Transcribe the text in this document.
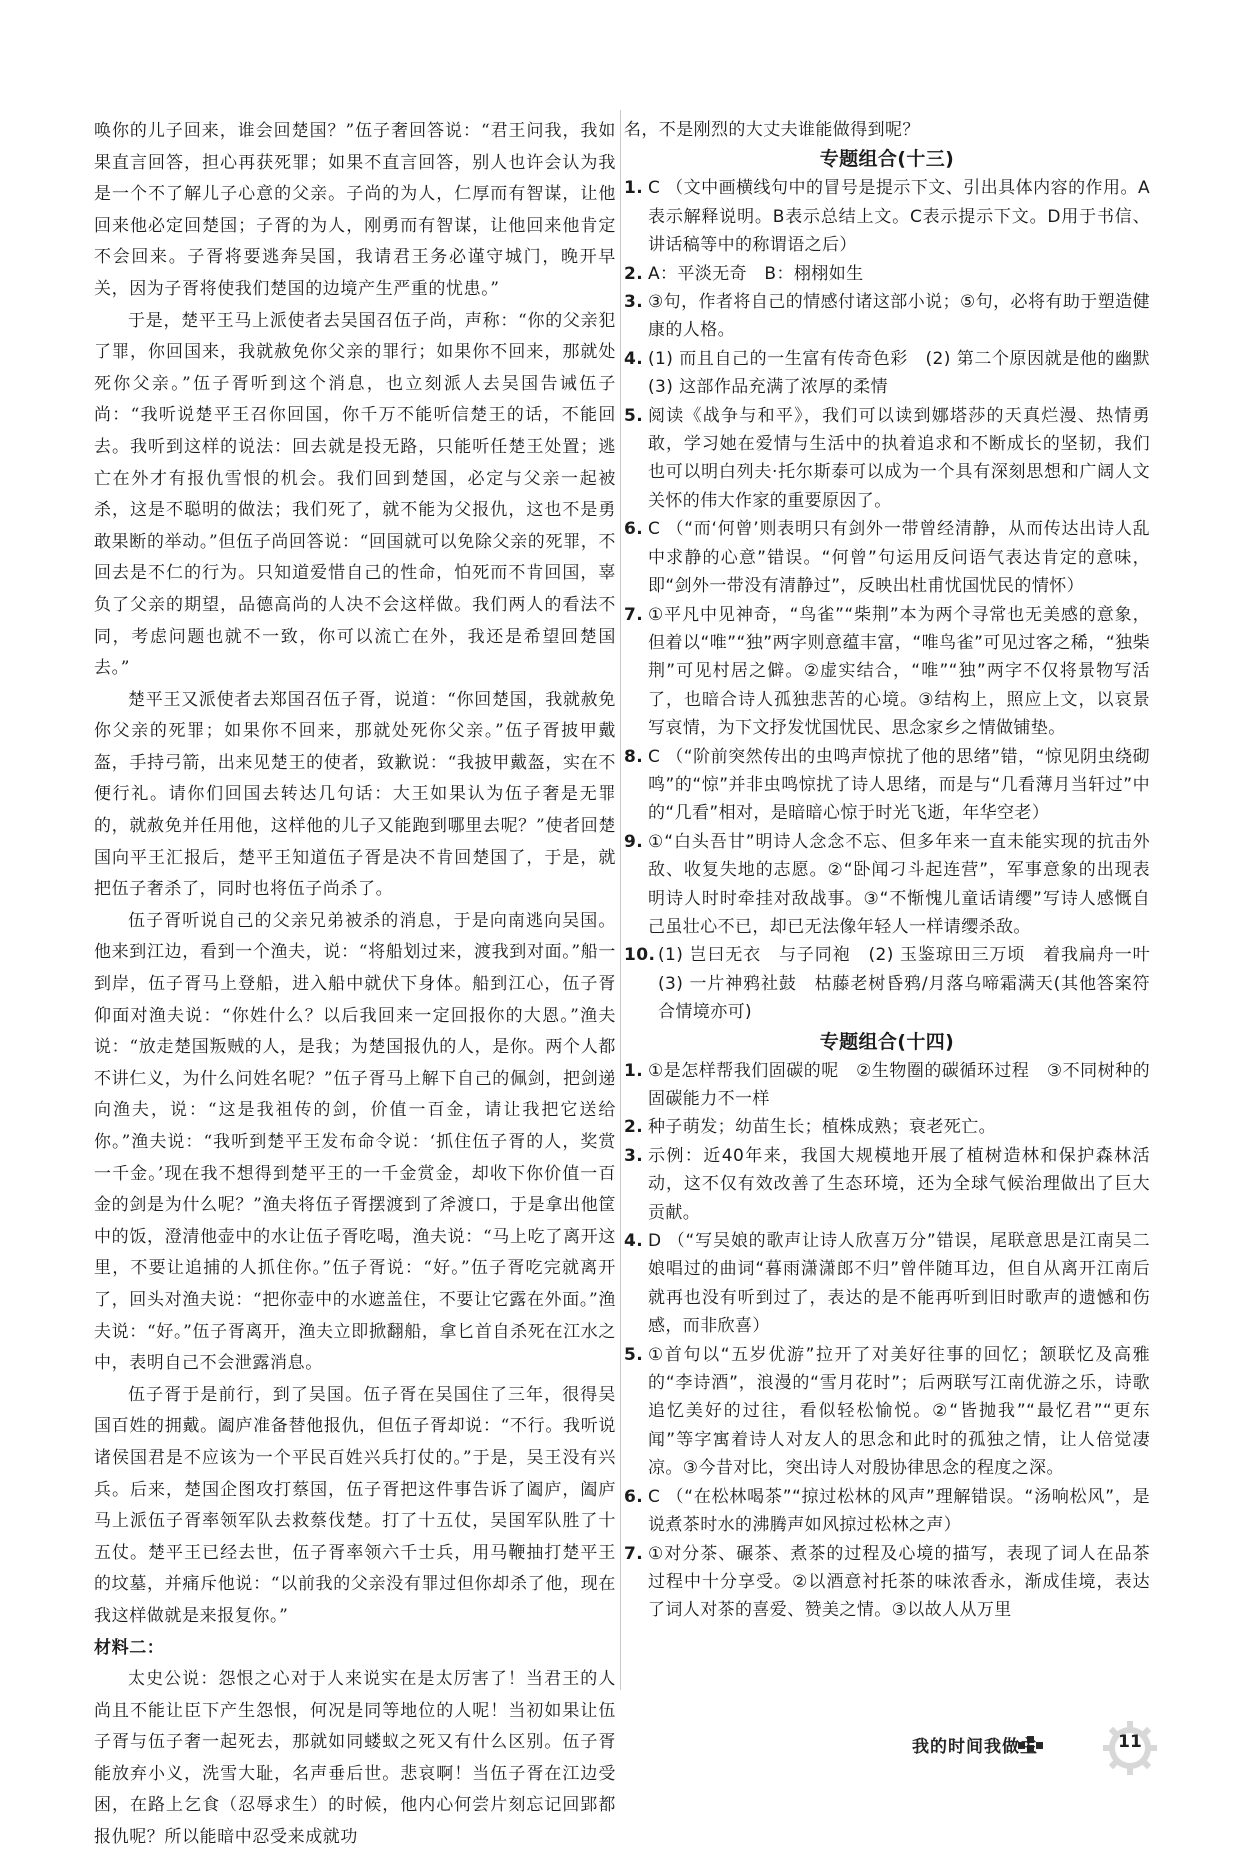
唤你的儿子回来，谁会回楚国？”伍子奢回答说：“君王问我，我如果直言回答，担心再获死罪；如果不直言回答，别人也许会认为我是一个不了解儿子心意的父亲。子尚的为人，仁厚而有智谋，让他回来他必定回楚国；子胥的为人，刚勇而有智谋，让他回来他肯定不会回来。子胥将要逃奔吴国，我请君王务必谨守城门，晚开早关，因为子胥将使我们楚国的边境产生严重的忧患。”

于是，楚平王马上派使者去吴国召伍子尚，声称：“你的父亲犯了罪，你回国来，我就赦免你父亲的罪行；如果你不回来，那就处死你父亲。”伍子胥听到这个消息，也立刻派人去吴国告诫伍子尚：“我听说楚平王召你回国，你千万不能听信楚王的话，不能回去。我听到这样的说法：回去就是投无路，只能听任楚王处置；逃亡在外才有报仇雪恨的机会。我们回到楚国，必定与父亲一起被杀，这是不聪明的做法；我们死了，就不能为父报仇，这也不是勇敢果断的举动。”但伍子尚回答说：“回国就可以免除父亲的死罪，不回去是不仁的行为。只知道爱惜自己的性命，怕死而不肯回国，辜负了父亲的期望，品德高尚的人决不会这样做。我们两人的看法不同，考虑问题也就不一致，你可以流亡在外，我还是希望回楚国去。”

楚平王又派使者去郑国召伍子胥，说道：“你回楚国，我就赦免你父亲的死罪；如果你不回来，那就处死你父亲。”伍子胥披甲戴盔，手持弓箭，出来见楚王的使者，致歉说：“我披甲戴盔，实在不便行礼。请你们回国去转达几句话：大王如果认为伍子奢是无罪的，就赦免并任用他，这样他的儿子又能跑到哪里去呢？”使者回楚国向平王汇报后，楚平王知道伍子胥是决不肯回楚国了，于是，就把伍子奢杀了，同时也将伍子尚杀了。

伍子胥听说自己的父亲兄弟被杀的消息，于是向南逃向吴国。他来到江边，看到一个渔夫，说：“将船划过来，渡我到对面。”船一到岸，伍子胥马上登船，进入船中就伏下身体。船到江心，伍子胥仰面对渔夫说：“你姓什么？以后我回来一定回报你的大恩。”渔夫说：“放走楚国叛贼的人，是我；为楚国报仇的人，是你。两个人都不讲仁义，为什么问姓名呢？”伍子胥马上解下自己的佩剑，把剑递向渔夫，说：“这是我祖传的剑，价值一百金，请让我把它送给你。”渔夫说：“我听到楚平王发布命令说：‘抓住伍子胥的人，奖赏一千金。’现在我不想得到楚平王的一千金赏金，却收下你价值一百金的剑是为什么呢？”渔夫将伍子胥摆渡到了斧渡口，于是拿出他筐中的饭，澄清他壶中的水让伍子胥吃喝，渔夫说：“马上吃了离开这里，不要让追捕的人抓住你。”伍子胥说：“好。”伍子胥吃完就离开了，回头对渔夫说：“把你壶中的水遮盖住，不要让它露在外面。”渔夫说：“好。”伍子胥离开，渔夫立即掀翻船，拿匕首自杀死在江水之中，表明自己不会泄露消息。

伍子胥于是前行，到了吴国。伍子胥在吴国住了三年，很得吴国百姓的拥戴。阖庐准备替他报仇，但伍子胥却说：“不行。我听说诸侯国君是不应该为一个平民百姓兴兵打仗的。”于是，吴王没有兴兵。后来，楚国企图攻打蔡国，伍子胥把这件事告诉了阖庐，阖庐马上派伍子胥率领军队去救蔡伐楚。打了十五仗，吴国军队胜了十五仗。楚平王已经去世，伍子胥率领六千士兵，用马鞭抽打楚平王的坟墓，并痛斥他说：“以前我的父亲没有罪过但你却杀了他，现在我这样做就是来报复你。”

材料二：

太史公说：怨恨之心对于人来说实在是太厉害了！当君王的人尚且不能让臣下产生怨恨，何况是同等地位的人呢！当初如果让伍子胥与伍子奢一起死去，那就如同蝼蚁之死又有什么区别。伍子胥能放弃小义，洗雪大耻，名声垂后世。悲哀啊！当伍子胥在江边受困，在路上乞食（忍辱求生）的时候，他内心何尝片刻忘记回郢都报仇呢？所以能暗中忍受来成就功

名，不是刚烈的大丈夫谁能做得到呢？

专题组合(十三)

1. C （文中画横线句中的冒号是提示下文、引出具体内容的作用。A表示解释说明。B表示总结上文。C表示提示下文。D用于书信、讲话稿等中的称谓语之后）
2. A：平淡无奇　B：栩栩如生
3. ③句，作者将自己的情感付诸这部小说；⑤句，必将有助于塑造健康的人格。
4. (1) 而且自己的一生富有传奇色彩　(2) 第二个原因就是他的幽默　(3) 这部作品充满了浓厚的柔情
5. 阅读《战争与和平》，我们可以读到娜塔莎的天真烂漫、热情勇敢，学习她在爱情与生活中的执着追求和不断成长的坚韧，我们也可以明白列夫·托尔斯泰可以成为一个具有深刻思想和广阔人文关怀的伟大作家的重要原因了。
6. C （“而‘何曾’则表明只有剑外一带曾经清静，从而传达出诗人乱中求静的心意”错误。“何曾”句运用反问语气表达肯定的意味，即“剑外一带没有清静过”，反映出杜甫忧国忧民的情怀）
7. ①平凡中见神奇，“鸟雀”“柴荆”本为两个寻常也无美感的意象，但着以“唯”“独”两字则意蕴丰富，“唯鸟雀”可见过客之稀，“独柴荆”可见村居之僻。②虚实结合，“唯”“独”两字不仅将景物写活了，也暗合诗人孤独悲苦的心境。③结构上，照应上文，以哀景写哀情，为下文抒发忧国忧民、思念家乡之情做铺垫。
8. C （“阶前突然传出的虫鸣声惊扰了他的思绪”错，“惊见阴虫绕砌鸣”的“惊”并非虫鸣惊扰了诗人思绪，而是与“几看薄月当轩过”中的“几看”相对，是暗暗心惊于时光飞逝，年华空老）
9. ①“白头吾甘”明诗人念念不忘、但多年来一直未能实现的抗击外敌、收复失地的志愿。②“卧闻刁斗起连营”，军事意象的出现表明诗人时时牵挂对敌战事。③“不惭愧儿童话请缨”写诗人感慨自己虽壮心不已，却已无法像年轻人一样请缨杀敌。
10. (1) 岂曰无衣　与子同袍　(2) 玉鉴琼田三万顷　着我扁舟一叶　(3) 一片神鸦社鼓　枯藤老树昏鸦/月落乌啼霜满天(其他答案符合情境亦可)

专题组合(十四)

1. ①是怎样帮我们固碳的呢　②生物圈的碳循环过程　③不同树种的固碳能力不一样
2. 种子萌发；幼苗生长；植株成熟；衰老死亡。
3. 示例：近40年来，我国大规模地开展了植树造林和保护森林活动，这不仅有效改善了生态环境，还为全球气候治理做出了巨大贡献。
4. D （“写吴娘的歌声让诗人欣喜万分”错误，尾联意思是江南吴二娘唱过的曲词“暮雨潇潇郎不归”曾伴随耳边，但自从离开江南后就再也没有听到过了，表达的是不能再听到旧时歌声的遗憾和伤感，而非欣喜）
5. ①首句以“五岁优游”拉开了对美好往事的回忆；颔联忆及高雅的“李诗酒”，浪漫的“雪月花时”；后两联写江南优游之乐，诗歌追忆美好的过往，看似轻松愉悦。②“皆抛我”“最忆君”“更东闻”等字寓着诗人对友人的思念和此时的孤独之情，让人倍觉凄凉。③今昔对比，突出诗人对殷协律思念的程度之深。
6. C （“在松林喝茶”“掠过松林的风声”理解错误。“汤响松风”，是说煮茶时水的沸腾声如风掠过松林之声）
7. ①对分茶、碾茶、煮茶的过程及心境的描写，表现了词人在品茶过程中十分享受。②以酒意衬托茶的味浓香永，渐成佳境，表达了词人对茶的喜爱、赞美之情。③以故人从万里
我的时间我做主	11
